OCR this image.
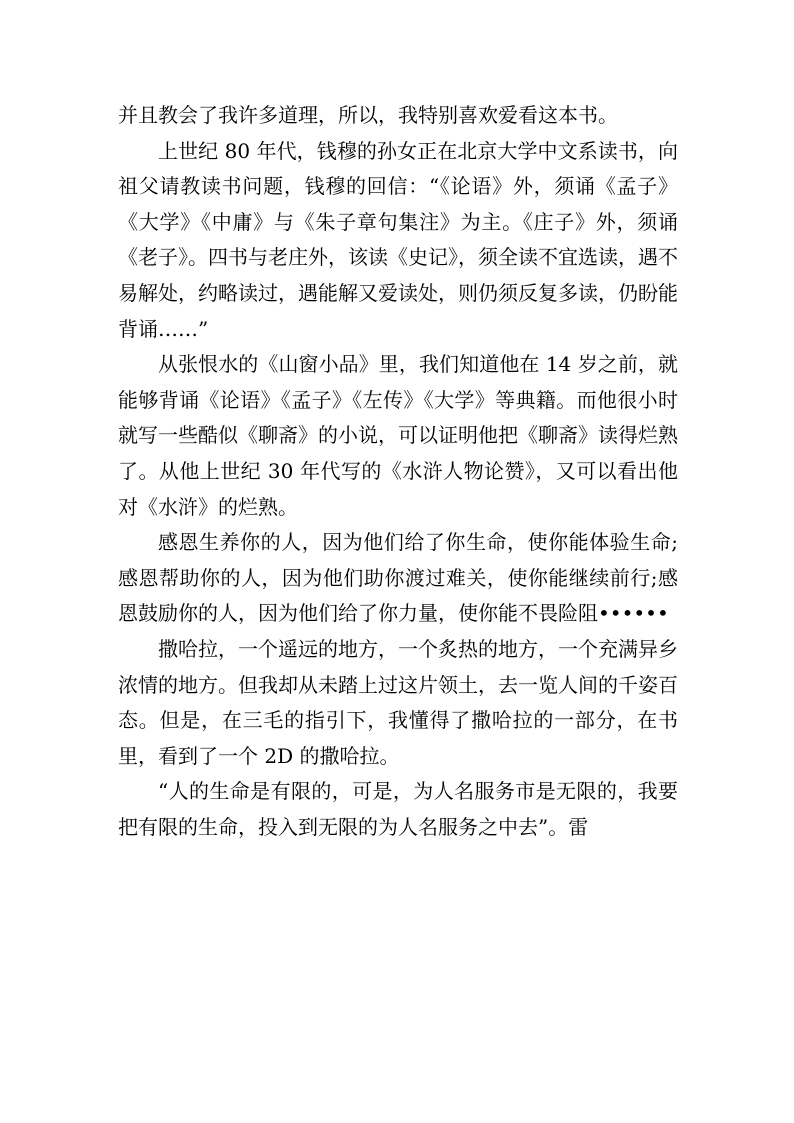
并且教会了我许多道理，所以，我特别喜欢爱看这本书。

上世纪 80 年代，钱穆的孙女正在北京大学中文系读书，向祖父请教读书问题，钱穆的回信：“《论语》外，须诵《孟子》《大学》《中庸》与《朱子章句集注》为主。《庄子》外，须诵《老子》。四书与老庄外，该读《史记》，须全读不宜选读，遇不易解处，约略读过，遇能解又爱读处，则仍须反复多读，仍盼能背诵……”

从张恨水的《山窗小品》里，我们知道他在 14 岁之前，就能够背诵《论语》《孟子》《左传》《大学》等典籍。而他很小时就写一些酷似《聊斋》的小说，可以证明他把《聊斋》读得烂熟了。从他上世纪 30 年代写的《水浒人物论赞》，又可以看出他对《水浒》的烂熟。

感恩生养你的人，因为他们给了你生命，使你能体验生命;感恩帮助你的人，因为他们助你渡过难关，使你能继续前行;感恩鼓励你的人，因为他们给了你力量，使你能不畏险阻••••••

撒哈拉，一个遥远的地方，一个炙热的地方，一个充满异乡浓情的地方。但我却从未踏上过这片领土，去一览人间的千姿百态。但是，在三毛的指引下，我懂得了撒哈拉的一部分，在书里，看到了一个 2D 的撒哈拉。

“人的生命是有限的，可是，为人名服务市是无限的，我要把有限的生命，投入到无限的为人名服务之中去”。雷
